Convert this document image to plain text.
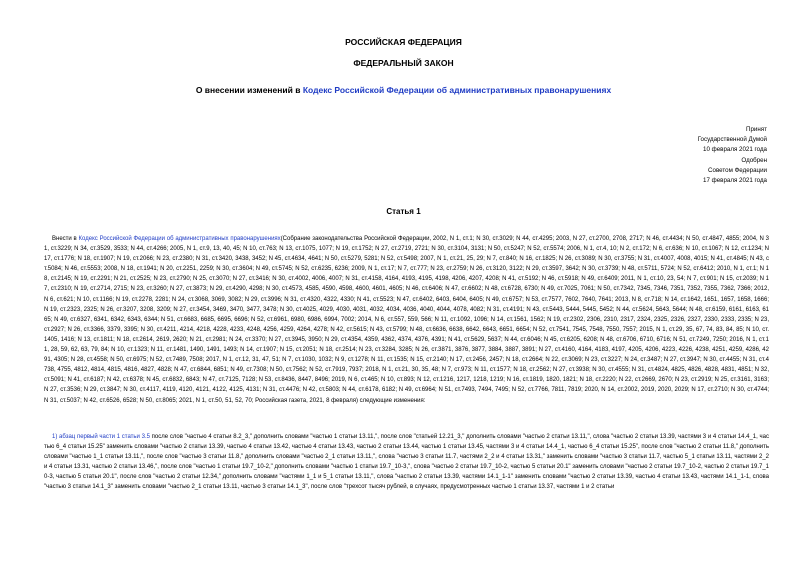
РОССИЙСКАЯ ФЕДЕРАЦИЯ
ФЕДЕРАЛЬНЫЙ ЗАКОН
О внесении изменений в Кодекс Российской Федерации об административных правонарушениях
Принят
Государственной Думой
10 февраля 2021 года
Одобрен
Советом Федерации
17 февраля 2021 года
Статья 1
Внести в Кодекс Российской Федерации об административных правонарушениях(Собрание законодательства Российской Федерации, 2002, N 1, ст.1; N 30, ст.3029; N 44, ст.4295; 2003, N 27, ст.2700, 2708, 2717; N 46, ст.4434; N 50, ст.4847, 4855; 2004, N 31, ст.3229; N 34, ст.3529, 3533; N 44, ст.4266; 2005, N 1, ст.9, 13, 40, 45; N 10, ст.763; N 13, ст.1075, 1077; N 19, ст.1752; N 27, ст.2719, 2721; N 30, ст.3104, 3131; N 50, ст.5247; N 52, ст.5574; 2006, N 1, ст.4, 10; N 2, ст.172; N 6, ст.636; N 10, ст.1067; N 12, ст.1234; N 17, ст.1776; N 18, ст.1907; N 19, ст.2066; N 23, ст.2380; N 31, ст.3420, 3438, 3452; N 45, ст.4634, 4641; N 50, ст.5279, 5281; N 52, ст.5498; 2007, N 1, ст.21, 25, 29; N 7, ст.840; N 16, ст.1825; N 26, ст.3089; N 30, ст.3755; N 31, ст.4007, 4008, 4015; N 41, ст.4845; N 43, ст.5084; N 46, ст.5553; 2008, N 18, ст.1941; N 20, ст.2251, 2259; N 30, ст.3604; N 49, ст.5745; N 52, ст.6235, 6236; 2009, N 1, ст.17; N 7, ст.777; N 23, ст.2759; N 26, ст.3120, 3122; N 29, ст.3597, 3642; N 30, ст.3739; N 48, ст.5711, 5724; N 52, ст.6412; 2010, N 1, ст.1; N 18, ст.2145; N 19, ст.2291; N 21, ст.2525; N 23, ст.2790; N 25, ст.3070; N 27, ст.3416; N 30, ст.4002, 4006, 4007; N 31, ст.4158, 4164, 4193, 4195, 4198, 4206, 4207, 4208; N 41, ст.5192; N 46, ст.5918; N 49, ст.6409; 2011, N 1, ст.10, 23, 54; N 7, ст.901; N 15, ст.2039; N 17, ст.2310; N 19, ст.2714, 2715; N 23, ст.3260; N 27, ст.3873; N 29, ст.4290, 4298; N 30, ст.4573, 4585, 4590, 4598, 4600, 4601, 4605; N 46, ст.6406; N 47, ст.6602; N 48, ст.6728, 6730; N 49, ст.7025, 7061; N 50, ст.7342, 7345, 7346, 7351, 7352, 7355, 7362, 7366; 2012, N 6, ст.621; N 10, ст.1166; N 19, ст.2278, 2281; N 24, ст.3068, 3069, 3082; N 29, ст.3996; N 31, ст.4320, 4322, 4330; N 41, ст.5523; N 47, ст.6402, 6403, 6404, 6405; N 49, ст.6757; N 53, ст.7577, 7602, 7640, 7641; 2013, N 8, ст.718; N 14, ст.1642, 1651, 1657, 1658, 1666; N 19, ст.2323, 2325; N 26, ст.3207, 3208, 3209; N 27, ст.3454, 3469, 3470, 3477, 3478; N 30, ст.4025, 4029, 4030, 4031, 4032, 4034, 4036, 4040, 4044, 4078, 4082; N 31, ст.4191; N 43, ст.5443, 5444, 5445, 5452; N 44, ст.5624, 5643, 5644; N 48, ст.6159, 6161, 6163, 6165; N 49, ст.6327, 6341, 6342, 6343, 6344; N 51, ст.6683, 6685, 6695, 6696; N 52, ст.6961, 6980, 6986, 6994, 7002; 2014, N 6, ст.557, 559, 566; N 11, ст.1092, 1096; N 14, ст.1561, 1562; N 19, ст.2302, 2306, 2310, 2317, 2324, 2325, 2326, 2327, 2330, 2333, 2335; N 23, ст.2927; N 26, ст.3366, 3379, 3395; N 30, ст.4211, 4214, 4218, 4228, 4233, 4248, 4256, 4259, 4264, 4278; N 42, ст.5615; N 43, ст.5799; N 48, ст.6636, 6638, 6642, 6643, 6651, 6654; N 52, ст.7541, 7545, 7548, 7550, 7557; 2015, N 1, ст.29, 35, 67, 74, 83, 84, 85; N 10, ст.1405, 1416; N 13, ст.1811; N 18, ст.2614, 2619, 2620; N 21, ст.2981; N 24, ст.3370; N 27, ст.3945, 3950; N 29, ст.4354, 4359, 4362, 4374, 4376, 4391; N 41, ст.5629, 5637; N 44, ст.6046; N 45, ст.6205, 6208; N 48, ст.6706, 6710, 6716; N 51, ст.7249, 7250; 2016, N 1, ст.11, 28, 59, 62, 63, 79, 84; N 10, ст.1323; N 11, ст.1481, 1490, 1491, 1493; N 14, ст.1907; N 15, ст.2051; N 18, ст.2514; N 23, ст.3284, 3285; N 26, ст.3871, 3876, 3877, 3884, 3887, 3891; N 27, ст.4160, 4164, 4183, 4197, 4205, 4206, 4223, 4226, 4238, 4251, 4259, 4286, 4291, 4305; N 28, ст.4558; N 50, ст.6975; N 52, ст.7489, 7508; 2017, N 1, ст.12, 31, 47, 51; N 7, ст.1030, 1032; N 9, ст.1278; N 11, ст.1535; N 15, ст.2140; N 17, ст.2456, 2457; N 18, ст.2664; N 22, ст.3069; N 23, ст.3227; N 24, ст.3487; N 27, ст.3947; N 30, ст.4455; N 31, ст.4738, 4755, 4812, 4814, 4815, 4816, 4827, 4828; N 47, ст.6844, 6851; N 49, ст.7308; N 50, ст.7562; N 52, ст.7919, 7937; 2018, N 1, ст.21, 30, 35, 48; N 7, ст.973; N 11, ст.1577; N 18, ст.2562; N 27, ст.3938; N 30, ст.4555; N 31, ст.4824, 4825, 4826, 4828, 4831, 4851; N 32, ст.5091; N 41, ст.6187; N 42, ст.6378; N 45, ст.6832, 6843; N 47, ст.7125, 7128; N 53, ст.8436, 8447, 8496; 2019, N 6, ст.465; N 10, ст.893; N 12, ст.1216, 1217, 1218, 1219; N 16, ст.1819, 1820, 1821; N 18, ст.2220; N 22, ст.2669, 2670; N 23, ст.2919; N 25, ст.3161, 3163; N 27, ст.3536; N 29, ст.3847; N 30, ст.4117, 4119, 4120, 4121, 4122, 4125, 4131; N 31, ст.4476; N 42, ст.5803; N 44, ст.6178, 6182; N 49, ст.6964; N 51, ст.7493, 7494, 7495; N 52, ст.7766, 7811, 7819; 2020, N 14, ст.2002, 2019, 2020, 2029; N 17, ст.2710; N 30, ст.4744; N 31, ст.5037; N 42, ст.6526, 6528; N 50, ст.8065; 2021, N 1, ст.50, 51, 52, 70; Российская газета, 2021, 8 февраля) следующие изменения:
1) абзац первый части 1 статьи 3.5 после слов "частью 4 статьи 8.2_3," дополнить словами "частью 1 статьи 13.11,", после слов "статьей 12.21_3," дополнить словами "частью 2 статьи 13.11,", слова "частью 2 статьи 13.39, частями 3 и 4 статьи 14.4_1, частью 6_4 статьи 15.25" заменить словами "частью 2 статьи 13.39, частью 4 статьи 13.42, частью 4 статьи 13.43, частью 2 статьи 13.44, частью 1 статьи 13.45, частями 3 и 4 статьи 14.4_1, частью 6_4 статьи 15.25", после слов "частью 2 статьи 11.8," дополнить словами "частью 1_1 статьи 13.11,", после слов "частью 3 статьи 11.8," дополнить словами "частью 2_1 статьи 13.11,", слова "частью 3 статьи 11.7, частями 2_2 и 4 статьи 13.31," заменить словами "частью 3 статьи 11.7, частью 5_1 статьи 13.11, частями 2_2 и 4 статьи 13.31, частью 2 статьи 13.46,", после слов "частью 1 статьи 19.7_10-2," дополнить словами "частью 1 статьи 19.7_10-3,", слова "частью 2 статьи 19.7_10-2, частью 5 статьи 20.1" заменить словами "частью 2 статьи 19.7_10-2, частью 2 статьи 19.7_10-3, частью 5 статьи 20.1", после слов "частью 2 статьи 12.34," дополнить словами "частями 1_1 и 5_1 статьи 13.11,", слова "частью 2 статьи 13.39, частями 14.1_1-1" заменить словами "частью 2 статьи 13.39, частью 4 статьи 13.43, частями 14.1_1-1, слова "частью 3 статьи 14.1_3" заменить словами "частью 2_1 статьи 13.11, частью 3 статьи 14.1_3", после слов "трехсот тысяч рублей, в случаях, предусмотренных частью 1 статьи 13.37, частями 1 и 2 статьи
